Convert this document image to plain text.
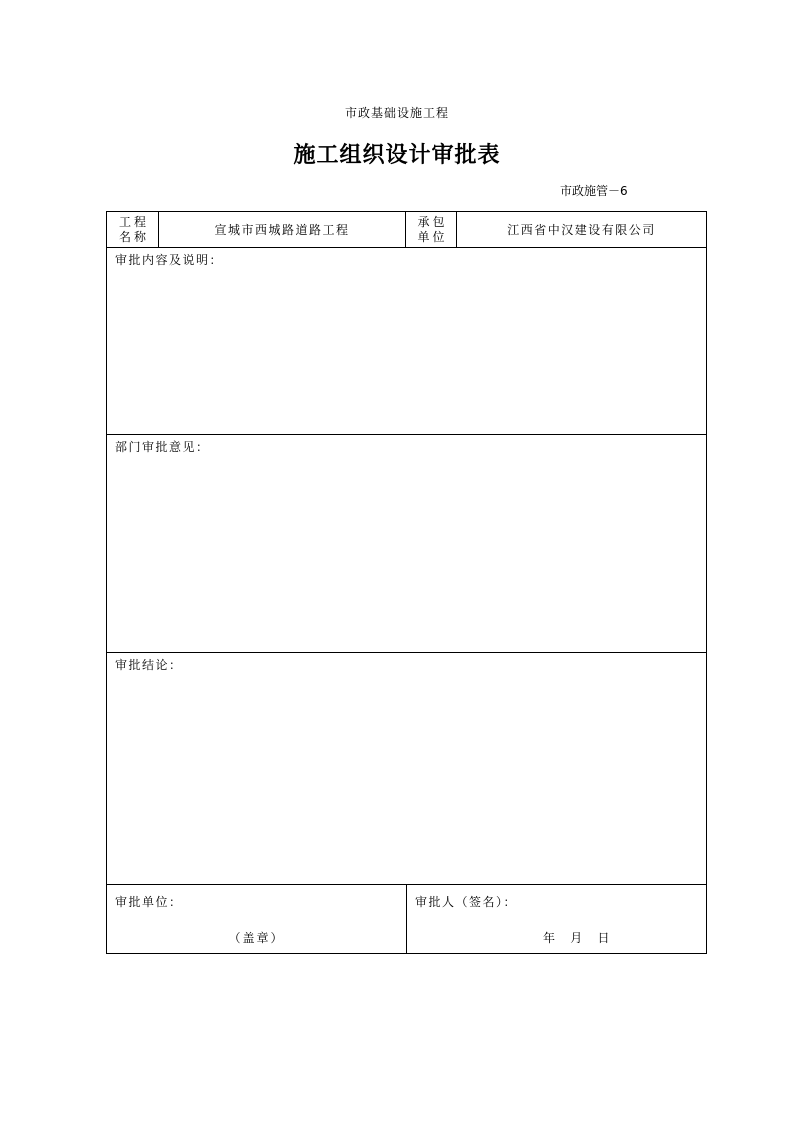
市政基础设施工程
施工组织设计审批表
市政施管－6
工程
名称	宣城市西城路道路工程
承包
单位	江西省中汉建设有限公司
审批内容及说明：
部门审批意见：
审批结论：
审批单位：
（盖章）
审批人（签名）：
年    月    日
